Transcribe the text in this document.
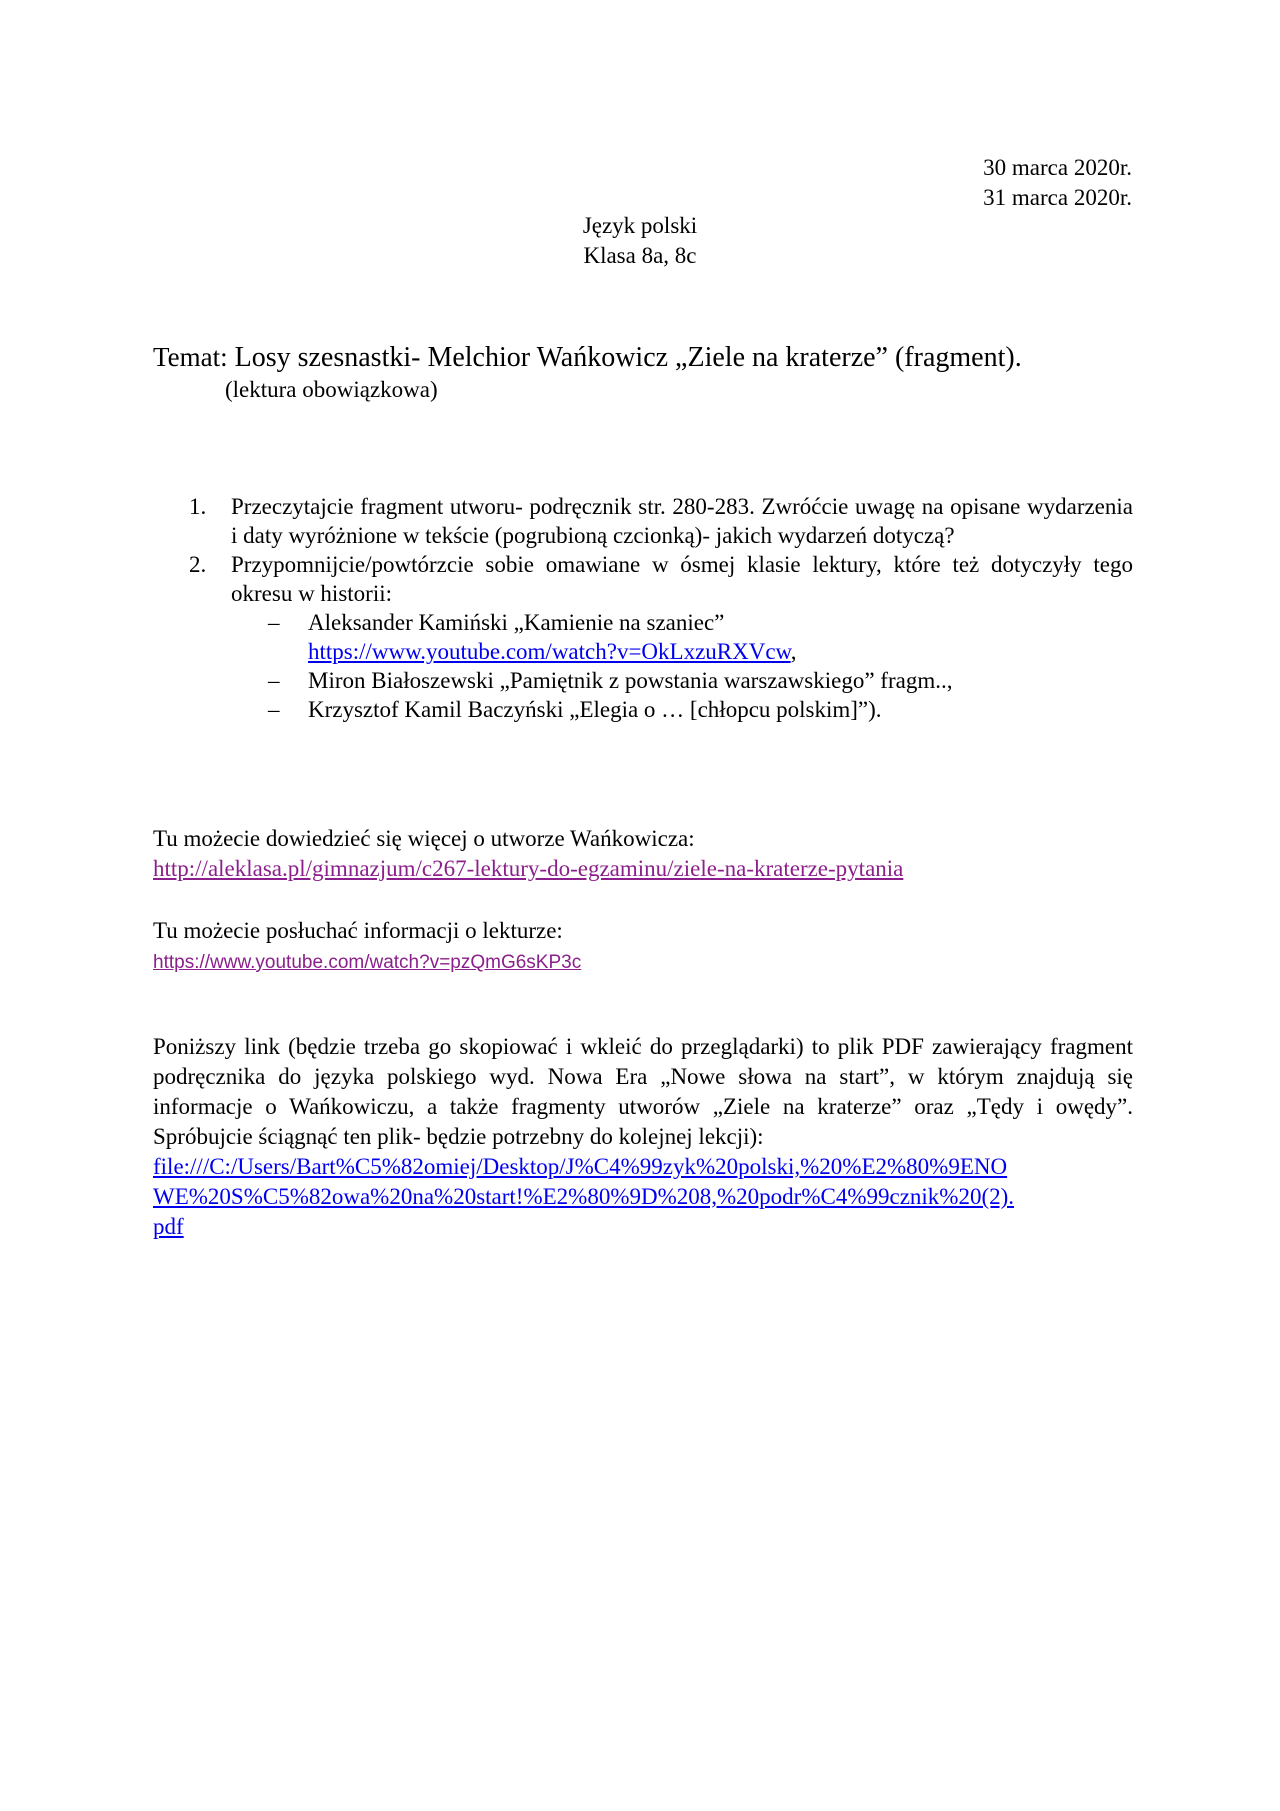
30 marca 2020r.
31 marca 2020r.
Język polski
Klasa 8a, 8c
Temat: Losy szesnastki- Melchior Wańkowicz „Ziele na kraterze” (fragment).
(lektura obowiązkowa)
1. Przeczytajcie fragment utworu- podręcznik str. 280-283. Zwróćcie uwagę na opisane wydarzenia i daty wyróżnione w tekście (pogrubioną czcionką)- jakich wydarzeń dotyczą?

2. Przypomnijcie/powtórzcie sobie omawiane w ósmej klasie lektury, które też dotyczyły tego okresu w historii:

– Aleksander Kamiński „Kamienie na szaniec”
https://www.youtube.com/watch?v=OkLxzuRXVcw,
– Miron Białoszewski „Pamiętnik z powstania warszawskiego” fragm..,
– Krzysztof Kamil Baczyński „Elegia o … [chłopcu polskim]”).
Tu możecie dowiedzieć się więcej o utworze Wańkowicza:
http://aleklasa.pl/gimnazjum/c267-lektury-do-egzaminu/ziele-na-kraterze-pytania
Tu możecie posłuchać informacji o lekturze:
https://www.youtube.com/watch?v=pzQmG6sKP3c

Poniższy link (będzie trzeba go skopiować i wkleić do przeglądarki) to plik PDF zawierający fragment podręcznika do języka polskiego wyd. Nowa Era „Nowe słowa na start”, w którym znajdują się informacje o Wańkowiczu, a także fragmenty utworów „Ziele na kraterze” oraz „Tędy i owędy”. Spróbujcie ściągnąć ten plik- będzie potrzebny do kolejnej lekcji):

file:///C:/Users/Bart%C5%82omiej/Desktop/J%C4%99zyk%20polski,%20%E2%80%9ENO
WE%20S%C5%82owa%20na%20start!%E2%80%9D%208,%20podr%C4%99cznik%20(2).
pdf
